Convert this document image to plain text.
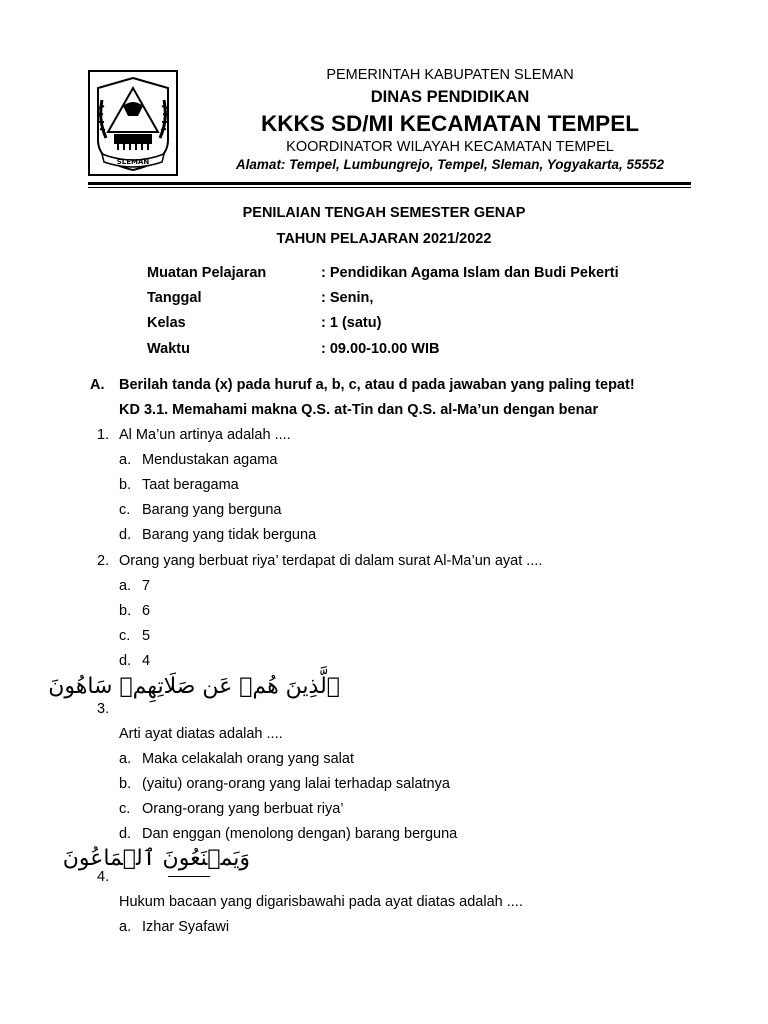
SLEMAN
PEMERINTAH KABUPATEN SLEMAN
DINAS PENDIDIKAN
KKKS SD/MI KECAMATAN TEMPEL
KOORDINATOR WILAYAH KECAMATAN TEMPEL
Alamat: Tempel, Lumbungrejo, Tempel, Sleman, Yogyakarta, 55552
PENILAIAN TENGAH SEMESTER GENAP
TAHUN PELAJARAN 2021/2022
Muatan Pelajaran	: Pendidikan Agama Islam dan Budi Pekerti
Tanggal	: Senin,
Kelas	: 1 (satu)
Waktu	: 09.00-10.00 WIB
A. Berilah tanda (x) pada huruf a, b, c, atau d pada jawaban yang paling tepat!
KD 3.1. Memahami makna Q.S. at-Tin dan Q.S. al-Ma’un dengan benar
1. Al Ma’un artinya adalah ....
a. Mendustakan agama
b. Taat beragama
c. Barang yang berguna
d. Barang yang tidak berguna
2. Orang yang berbuat riya’ terdapat di dalam surat Al-Ma’un ayat ....
a. 7
b. 6
c. 5
d. 4
ٱلَّذِينَ هُمۡ عَن صَلَاتِهِمۡ سَاهُونَ
3.
Arti ayat diatas adalah ....
a. Maka celakalah orang yang salat
b. (yaitu) orang-orang yang lalai terhadap salatnya
c. Orang-orang yang berbuat riya’
d. Dan enggan (menolong dengan) barang berguna
وَيَمۡنَعُونَ ٱلۡمَاعُونَ
4.
Hukum bacaan yang digarisbawahi pada ayat diatas adalah ....
a. Izhar Syafawi
